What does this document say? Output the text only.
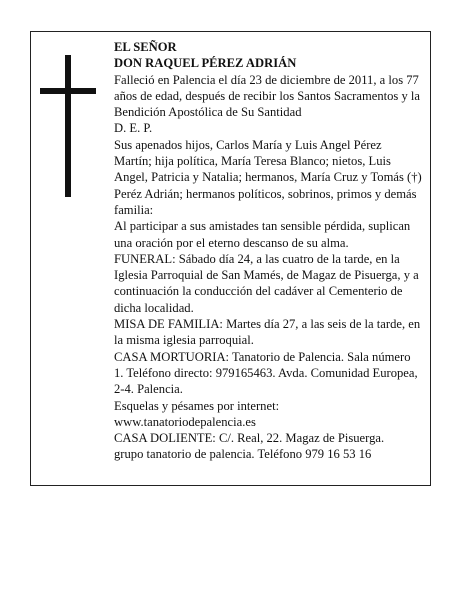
EL SEÑOR

DON RAQUEL PÉREZ ADRIÁN

Falleció en Palencia el día 23 de diciembre de 2011, a los 77 años de edad, después de recibir los Santos Sacramentos y la Bendición Apostólica de Su Santidad

D. E. P.

Sus apenados hijos, Carlos María y Luis Angel Pérez Martín; hija política, María Teresa Blanco; nietos, Luis Angel, Patricia y Natalia; hermanos, María Cruz y Tomás (†) Peréz Adrián; hermanos políticos, sobrinos, primos y demás familia:

Al participar a sus amistades tan sensible pérdida, suplican una oración por el eterno descanso de su alma.

FUNERAL: Sábado día 24, a las cuatro de la tarde, en la Iglesia Parroquial de San Mamés, de Magaz de Pisuerga, y a continuación la conducción del cadáver al Cementerio de dicha localidad.

MISA DE FAMILIA: Martes día 27, a las seis de la tarde, en la misma iglesia parroquial.

CASA MORTUORIA: Tanatorio de Palencia. Sala número 1. Teléfono directo: 979165463. Avda. Comunidad Europea, 2-4. Palencia.

Esquelas y pésames por internet:

www.tanatoriodepalencia.es

CASA DOLIENTE: C/. Real, 22. Magaz de Pisuerga.

grupo tanatorio de palencia. Teléfono 979 16 53 16
